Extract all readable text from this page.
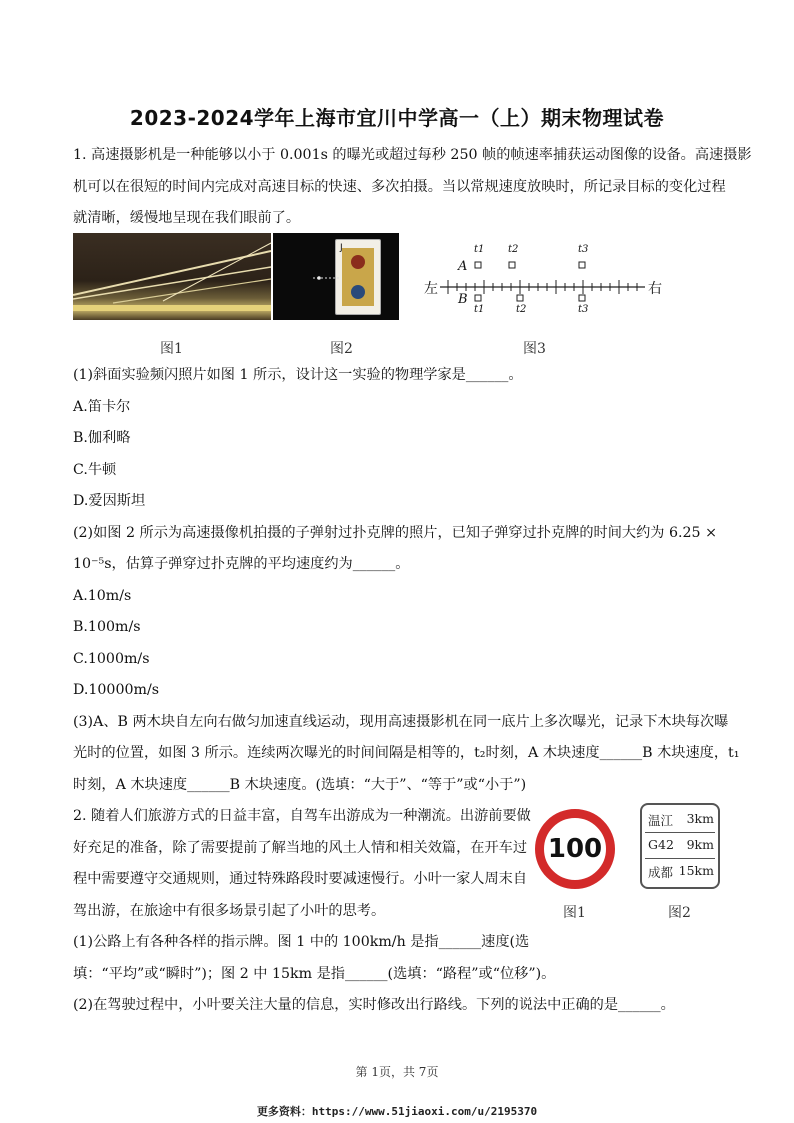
2023-2024学年上海市宜川中学高一（上）期末物理试卷
1. 高速摄影机是一种能够以小于 0.001s 的曝光或超过每秒 250 帧的帧速率捕获运动图像的设备。高速摄影
机可以在很短的时间内完成对高速目标的快速、多次拍摄。当以常规速度放映时，所记录目标的变化过程
就清晰，缓慢地呈现在我们眼前了。
图1
J
图2
左	右
A
B
t1 t2	t3
t1	t2	t3
图3
(1)斜面实验频闪照片如图 1 所示，设计这一实验的物理学家是______。
A.笛卡尔
B.伽利略
C.牛顿
D.爱因斯坦
(2)如图 2 所示为高速摄像机拍摄的子弹射过扑克牌的照片，已知子弹穿过扑克牌的时间大约为 6.25 ×
10⁻⁵s，估算子弹穿过扑克牌的平均速度约为______。
A.10m/s
B.100m/s
C.1000m/s
D.10000m/s
(3)A、B 两木块自左向右做匀加速直线运动，现用高速摄影机在同一底片上多次曝光，记录下木块每次曝
光时的位置，如图 3 所示。连续两次曝光的时间间隔是相等的，t₂时刻，A 木块速度______B 木块速度，t₁
时刻，A 木块速度______B 木块速度。(选填：“大于”、“等于”或“小于”)
2. 随着人们旅游方式的日益丰富，自驾车出游成为一种潮流。出游前要做
好充足的准备，除了需要提前了解当地的风土人情和相关效篇，在开车过
程中需要遵守交通规则，通过特殊路段时要减速慢行。小叶一家人周末自
驾出游，在旅途中有很多场景引起了小叶的思考。
100
温江 3km
G42 9km
成都 15km
图1	图2
(1)公路上有各种各样的指示牌。图 1 中的 100km/h 是指______速度(选
填：“平均”或“瞬时”)；图 2 中 15km 是指______(选填：“路程”或“位移”)。
(2)在驾驶过程中，小叶要关注大量的信息，实时修改出行路线。下列的说法中正确的是______。
第 1页，共 7页
更多资料：https://www.51jiaoxi.com/u/2195370
